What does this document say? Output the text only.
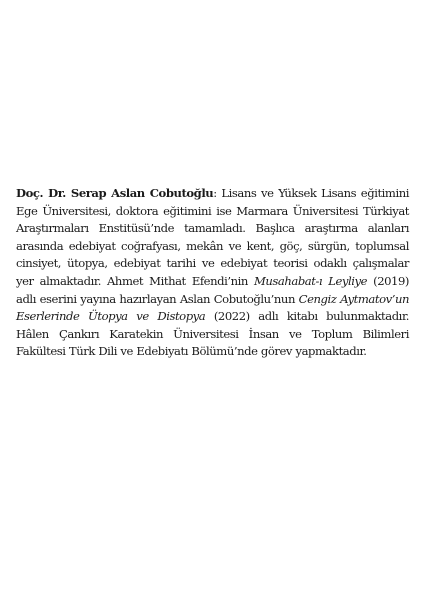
Doç. Dr. Serap Aslan Cobutoğlu: Lisans ve Yüksek Lisans eğitimini Ege Üniversitesi, doktora eğitimini ise Marmara Üniversitesi Türkiyat Araştırmaları Enstitüsü’nde tamamladı. Başlıca araştırma alanları arasında edebiyat coğrafyası, mekân ve kent, göç, sürgün, toplumsal cinsiyet, ütopya, edebiyat tarihi ve edebiyat teorisi odaklı çalışmalar yer almaktadır. Ahmet Mithat Efendi’nin Musahabat-ı Leyliye (2019) adlı eserini yayına hazırlayan Aslan Cobutoğlu’nun Cengiz Aytmatov’un Eserlerinde Ütopya ve Distopya (2022) adlı kitabı bulunmaktadır. Hâlen Çankırı Karatekin Üniversitesi İnsan ve Toplum Bilimleri Fakültesi Türk Dili ve Edebiyatı Bölümü’nde görev yapmaktadır.
